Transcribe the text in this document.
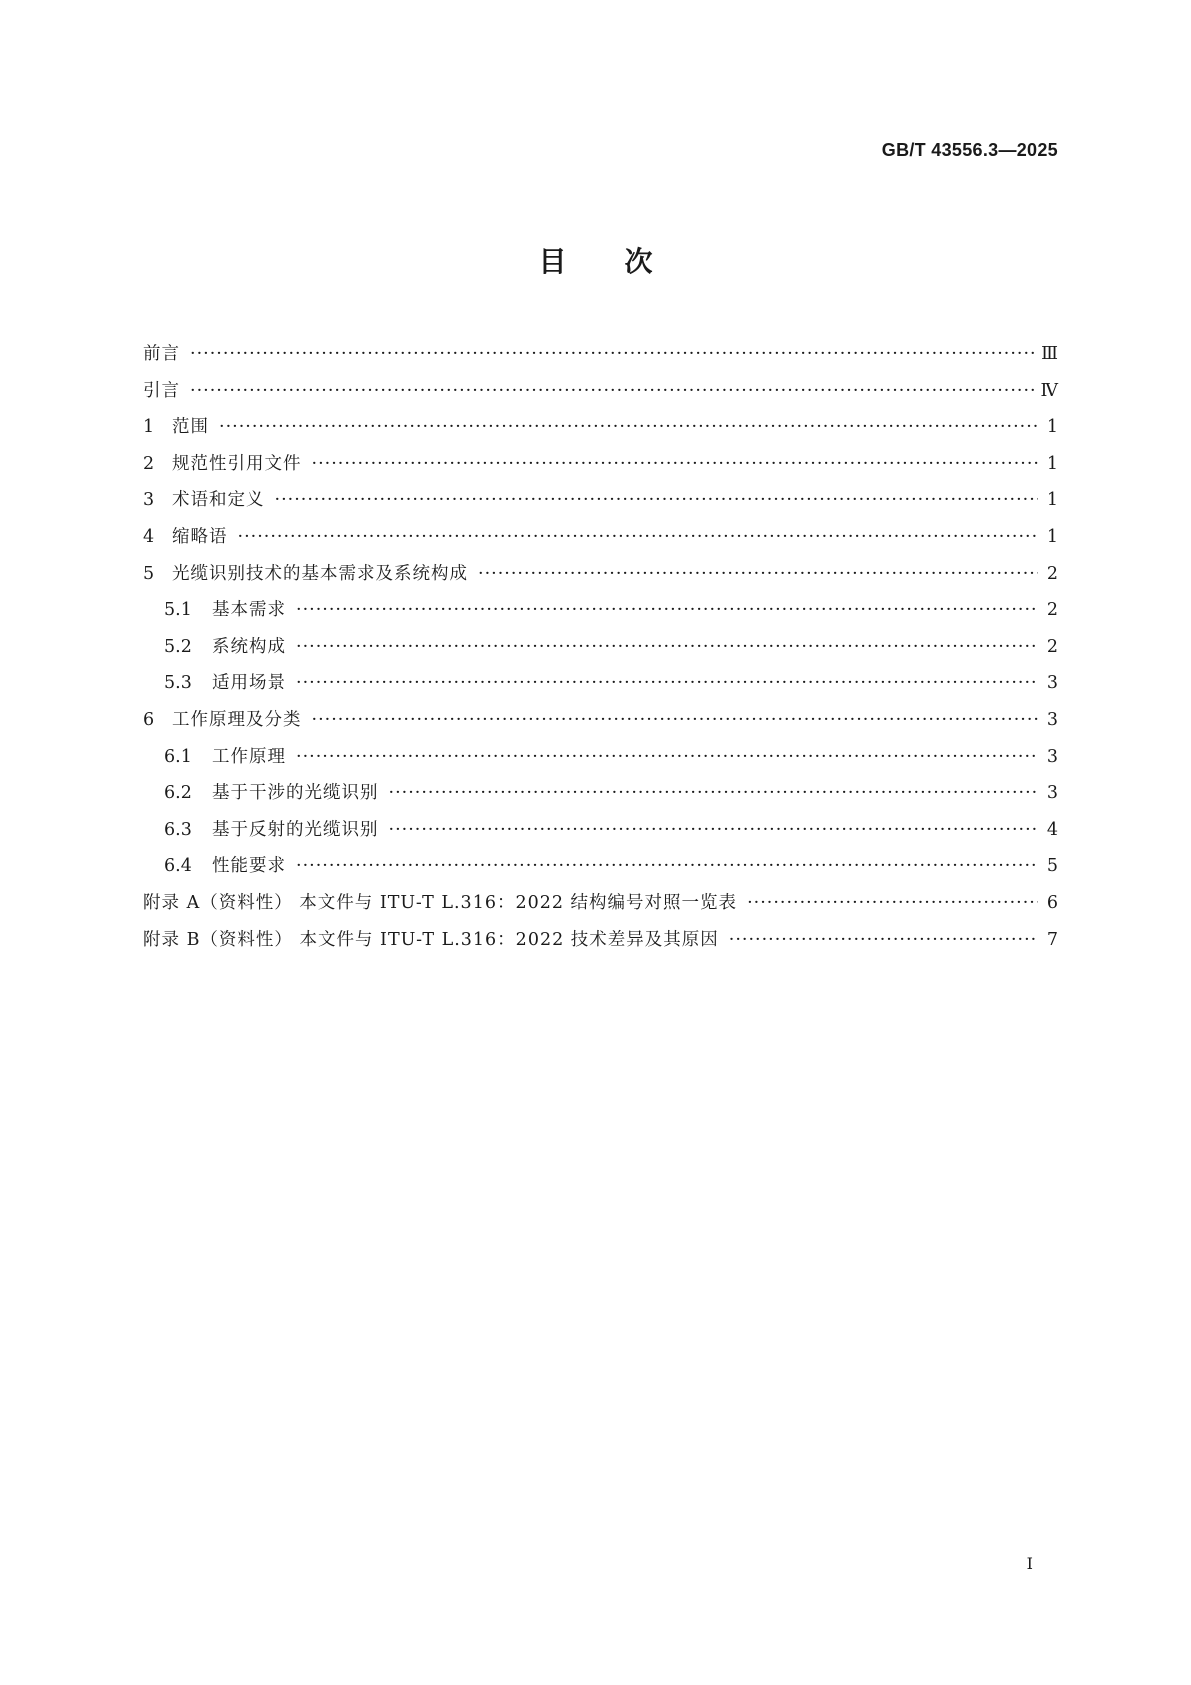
GB/T 43556.3—2025
目次
前言 ·····	Ⅲ
引言 ·····	Ⅳ
1	范围 ·····	1
2	规范性引用文件 ·····	1
3	术语和定义 ·····	1
4	缩略语 ·····	1
5	光缆识别技术的基本需求及系统构成 ·····	2
5.1	基本需求 ·····	2
5.2	系统构成 ·····	2
5.3	适用场景 ·····	3
6	工作原理及分类 ·····	3
6.1	工作原理 ·····	3
6.2	基于干涉的光缆识别 ·····	3
6.3	基于反射的光缆识别 ·····	4
6.4	性能要求 ·····	5
附录 A（资料性） 本文件与 ITU-T L.316：2022 结构编号对照一览表 ·····	6
附录 B（资料性） 本文件与 ITU-T L.316：2022 技术差异及其原因 ·····	7
Ⅰ
